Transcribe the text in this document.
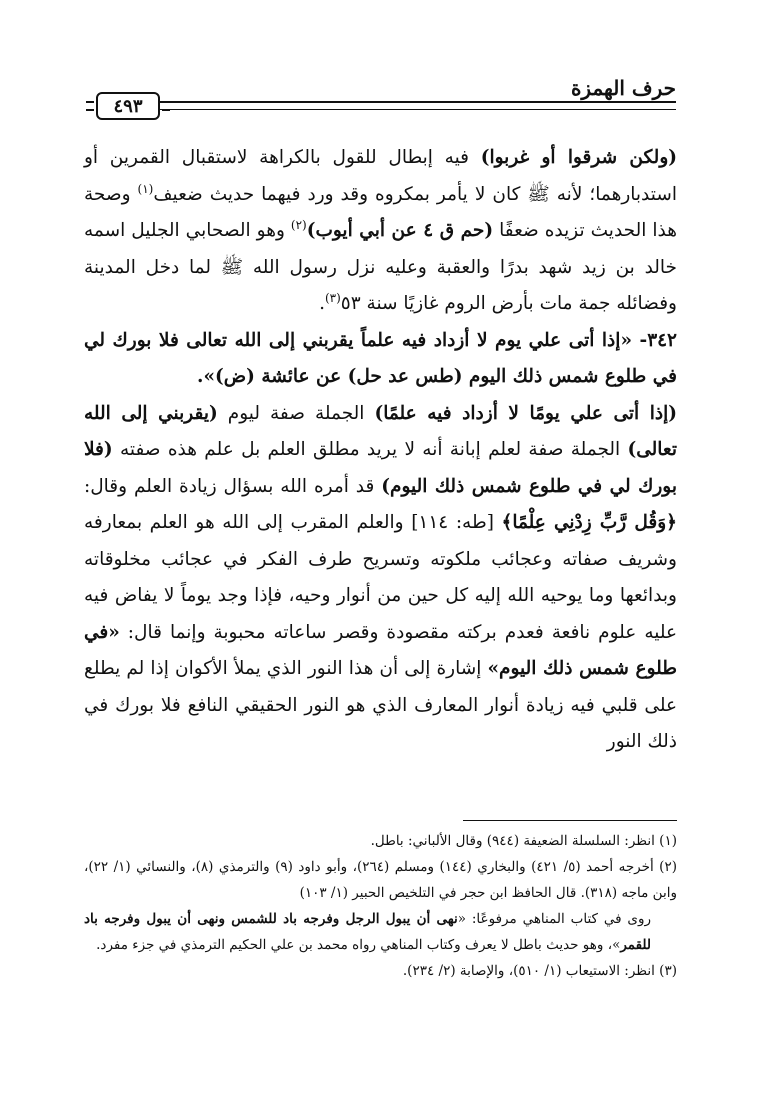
حرف الهمزة
٤٩٣

(ولكن شرقوا أو غربوا) فيه إبطال للقول بالكراهة لاستقبال القمرين أو استدبارهما؛ لأنه ﷺ كان لا يأمر بمكروه وقد ورد فيهما حديث ضعيف$^{(١)}$ وصحة هذا الحديث تزيده ضعفًا (حم ق ٤ عن أبي أيوب)$^{(٢)}$ وهو الصحابي الجليل اسمه خالد بن زيد شهد بدرًا والعقبة وعليه نزل رسول الله ﷺ لما دخل المدينة وفضائله جمة مات بأرض الروم غازيًا سنة ٥٣$^{(٣)}$.

٣٤٢- «إذا أتى علي يوم لا أزداد فيه علماً يقربني إلى الله تعالى فلا بورك لي في طلوع شمس ذلك اليوم (طس عد حل) عن عائشة (ض)».

(إذا أتى علي يومًا لا أزداد فيه علمًا) الجملة صفة ليوم (يقربني إلى الله تعالى) الجملة صفة لعلم إبانة أنه لا يريد مطلق العلم بل علم هذه صفته (فلا بورك لي في طلوع شمس ذلك اليوم) قد أمره الله بسؤال زيادة العلم وقال: ﴿وَقُل رَّبِّ زِدْنِي عِلْمًا﴾ [طه: ١١٤] والعلم المقرب إلى الله هو العلم بمعارفه وشريف صفاته وعجائب ملكوته وتسريح طرف الفكر في عجائب مخلوقاته وبدائعها وما يوحيه الله إليه كل حين من أنوار وحيه، فإذا وجد يوماً لا يفاض فيه عليه علوم نافعة فعدم بركته مقصودة وقصر ساعاته محبوبة وإنما قال: «في طلوع شمس ذلك اليوم» إشارة إلى أن هذا النور الذي يملأ الأكوان إذا لم يطلع على قلبي فيه زيادة أنوار المعارف الذي هو النور الحقيقي النافع فلا بورك في ذلك النور

(١) انظر: السلسلة الضعيفة (٩٤٤) وقال الألباني: باطل.

(٢) أخرجه أحمد (٥/ ٤٢١) والبخاري (١٤٤) ومسلم (٢٦٤)، وأبو داود (٩) والترمذي (٨)، والنسائي (١/ ٢٢)، وابن ماجه (٣١٨). قال الحافظ ابن حجر في التلخيص الحبير (١/ ١٠٣)

روى في كتاب المناهي مرفوعًا: «نهى أن يبول الرجل وفرجه باد للشمس ونهى أن يبول وفرجه باد للقمر»، وهو حديث باطل لا يعرف وكتاب المناهي رواه محمد بن علي الحكيم الترمذي في جزء مفرد.

(٣) انظر: الاستيعاب (١/ ٥١٠)، والإصابة (٢/ ٢٣٤).
